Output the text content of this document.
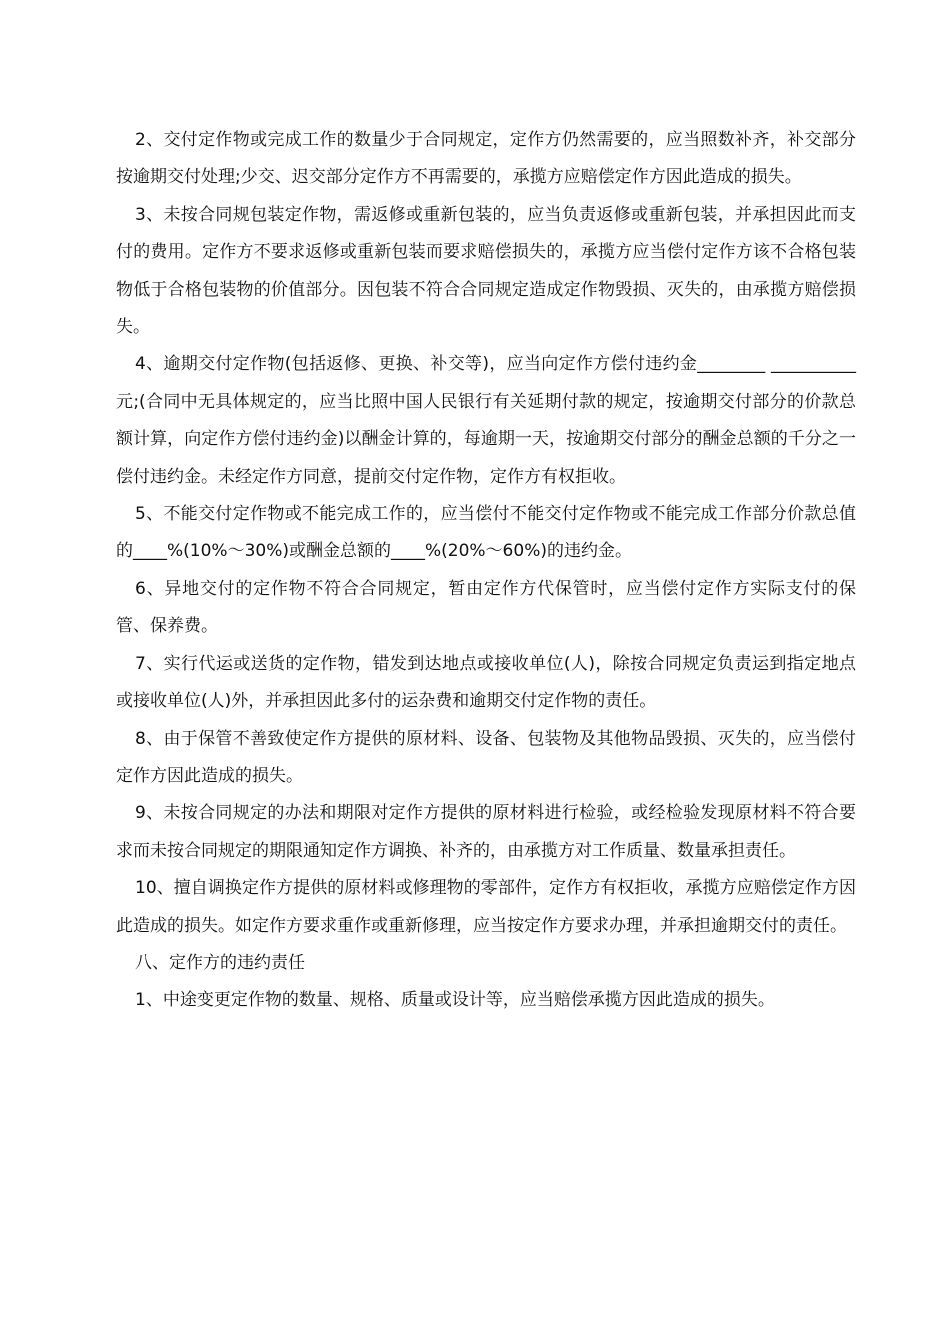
2、交付定作物或完成工作的数量少于合同规定，定作方仍然需要的，应当照数补齐，补交部分按逾期交付处理;少交、迟交部分定作方不再需要的，承揽方应赔偿定作方因此造成的损失。

3、未按合同规包装定作物，需返修或重新包装的，应当负责返修或重新包装，并承担因此而支付的费用。定作方不要求返修或重新包装而要求赔偿损失的，承揽方应当偿付定作方该不合格包装物低于合格包装物的价值部分。因包装不符合合同规定造成定作物毁损、灭失的，由承揽方赔偿损失。

4、逾期交付定作物(包括返修、更换、补交等)，应当向定作方偿付违约金________ __________元;(合同中无具体规定的，应当比照中国人民银行有关延期付款的规定，按逾期交付部分的价款总额计算，向定作方偿付违约金)以酬金计算的，每逾期一天，按逾期交付部分的酬金总额的千分之一偿付违约金。未经定作方同意，提前交付定作物，定作方有权拒收。

5、不能交付定作物或不能完成工作的，应当偿付不能交付定作物或不能完成工作部分价款总值的____%(10%～30%)或酬金总额的____%(20%～60%)的违约金。

6、异地交付的定作物不符合合同规定，暂由定作方代保管时，应当偿付定作方实际支付的保管、保养费。

7、实行代运或送货的定作物，错发到达地点或接收单位(人)，除按合同规定负责运到指定地点或接收单位(人)外，并承担因此多付的运杂费和逾期交付定作物的责任。

8、由于保管不善致使定作方提供的原材料、设备、包装物及其他物品毁损、灭失的，应当偿付定作方因此造成的损失。

9、未按合同规定的办法和期限对定作方提供的原材料进行检验，或经检验发现原材料不符合要求而未按合同规定的期限通知定作方调换、补齐的，由承揽方对工作质量、数量承担责任。

10、擅自调换定作方提供的原材料或修理物的零部件，定作方有权拒收，承揽方应赔偿定作方因此造成的损失。如定作方要求重作或重新修理，应当按定作方要求办理，并承担逾期交付的责任。

八、定作方的违约责任

1、中途变更定作物的数量、规格、质量或设计等，应当赔偿承揽方因此造成的损失。
